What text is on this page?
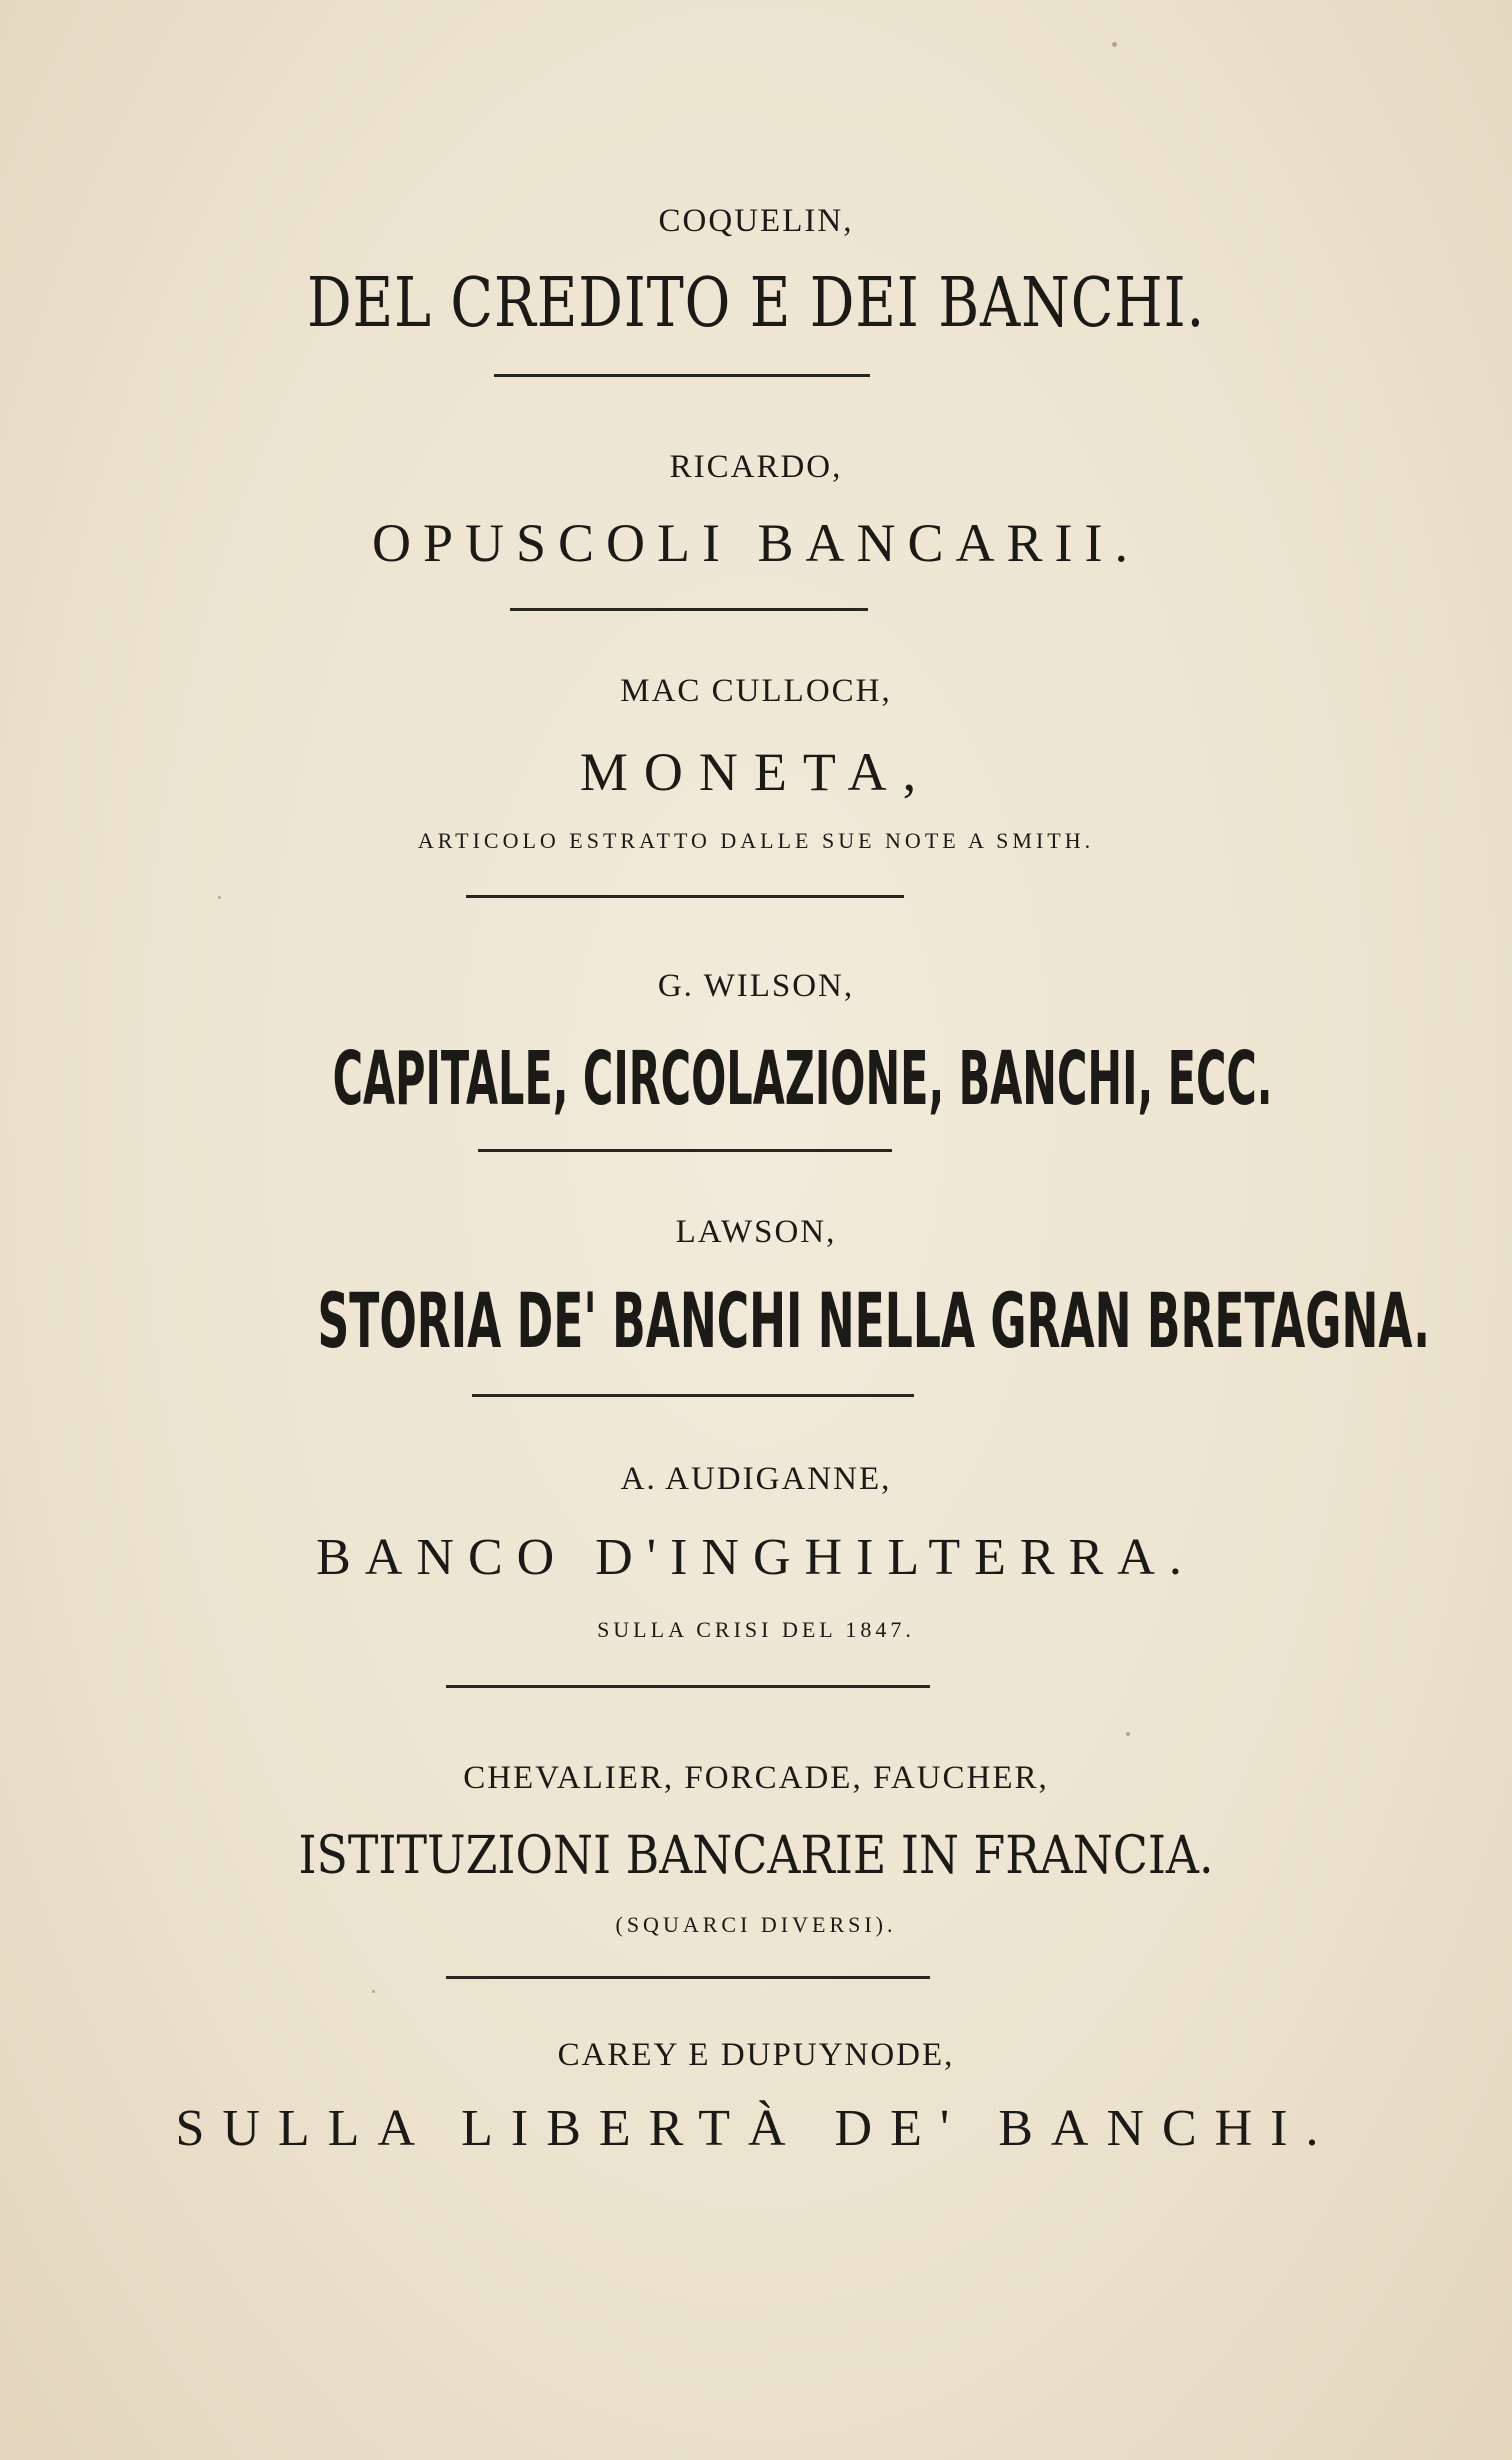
COQUELIN,
DEL CREDITO E DEI BANCHI.
RICARDO,
OPUSCOLI BANCARII.
MAC CULLOCH,
MONETA,
ARTICOLO ESTRATTO DALLE SUE NOTE A SMITH.
G. WILSON,
CAPITALE, CIRCOLAZIONE, BANCHI, ECC.
LAWSON,
STORIA DE' BANCHI NELLA GRAN BRETAGNA.
A. AUDIGANNE,
BANCO D'INGHILTERRA.
SULLA CRISI DEL 1847.
CHEVALIER, FORCADE, FAUCHER,
ISTITUZIONI BANCARIE IN FRANCIA.
(SQUARCI DIVERSI).
CAREY E DUPUYNODE,
SULLA LIBERTÀ DE' BANCHI.
